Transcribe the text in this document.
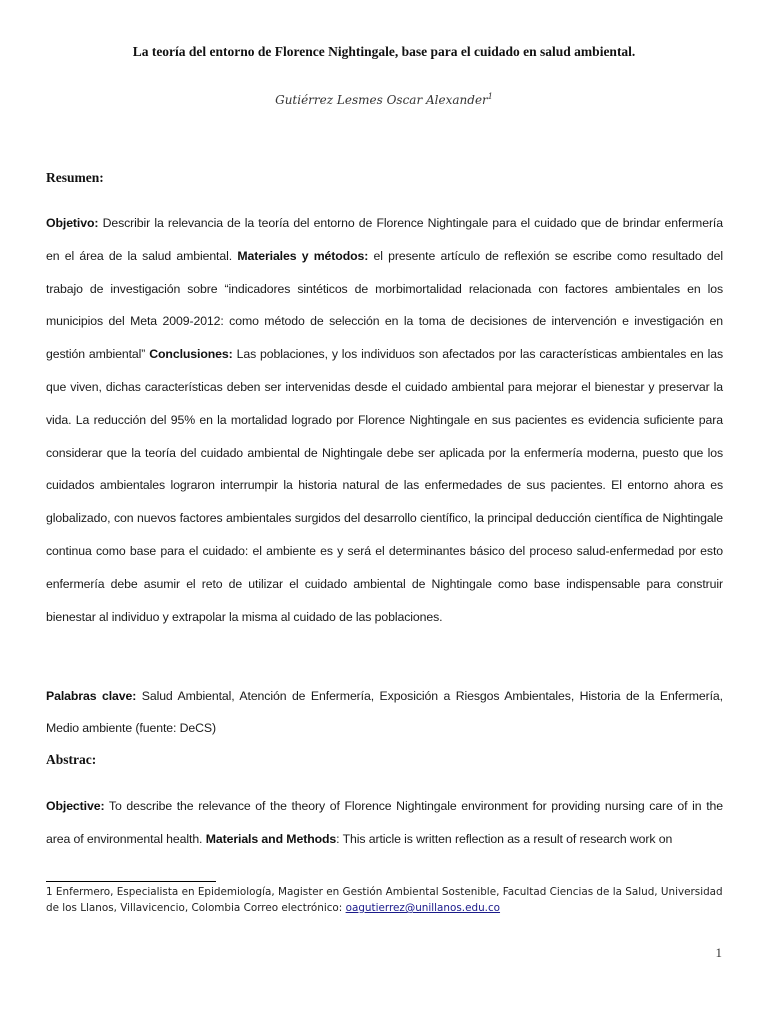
La teoría del entorno de Florence Nightingale, base para el cuidado en salud ambiental.
Gutiérrez Lesmes Oscar Alexander$^1$
Resumen:

Objetivo: Describir la relevancia de la teoría del entorno de Florence Nightingale para el cuidado que de brindar enfermería en el área de la salud ambiental. Materiales y métodos: el presente artículo de reflexión se escribe como resultado del trabajo de investigación sobre “indicadores sintéticos de morbimortalidad relacionada con factores ambientales en los municipios del Meta 2009-2012: como método de selección en la toma de decisiones de intervención e investigación en gestión ambiental” Conclusiones: Las poblaciones, y los individuos son afectados por las características ambientales en las que viven, dichas características deben ser intervenidas desde el cuidado ambiental para mejorar el bienestar y preservar la vida. La reducción del 95% en la mortalidad logrado por Florence Nightingale en sus pacientes es evidencia suficiente para considerar que la teoría del cuidado ambiental de Nightingale debe ser aplicada por la enfermería moderna, puesto que los cuidados ambientales lograron interrumpir la historia natural de las enfermedades de sus pacientes. El entorno ahora es globalizado, con nuevos factores ambientales surgidos del desarrollo científico, la principal deducción científica de Nightingale continua como base para el cuidado: el ambiente es y será el determinantes básico del proceso salud-enfermedad por esto enfermería debe asumir el reto de utilizar el cuidado ambiental de Nightingale como base indispensable para construir bienestar al individuo y extrapolar la misma al cuidado de las poblaciones.

Palabras clave: Salud Ambiental, Atención de Enfermería, Exposición a Riesgos Ambientales, Historia de la Enfermería, Medio ambiente (fuente: DeCS)

Abstrac:

Objective: To describe the relevance of the theory of Florence Nightingale environment for providing nursing care of in the area of environmental health. Materials and Methods: This article is written reflection as a result of research work on

1 Enfermero, Especialista en Epidemiología, Magister en Gestión Ambiental Sostenible, Facultad Ciencias de la Salud, Universidad de los Llanos, Villavicencio, Colombia Correo electrónico: oagutierrez@unillanos.edu.co

1
